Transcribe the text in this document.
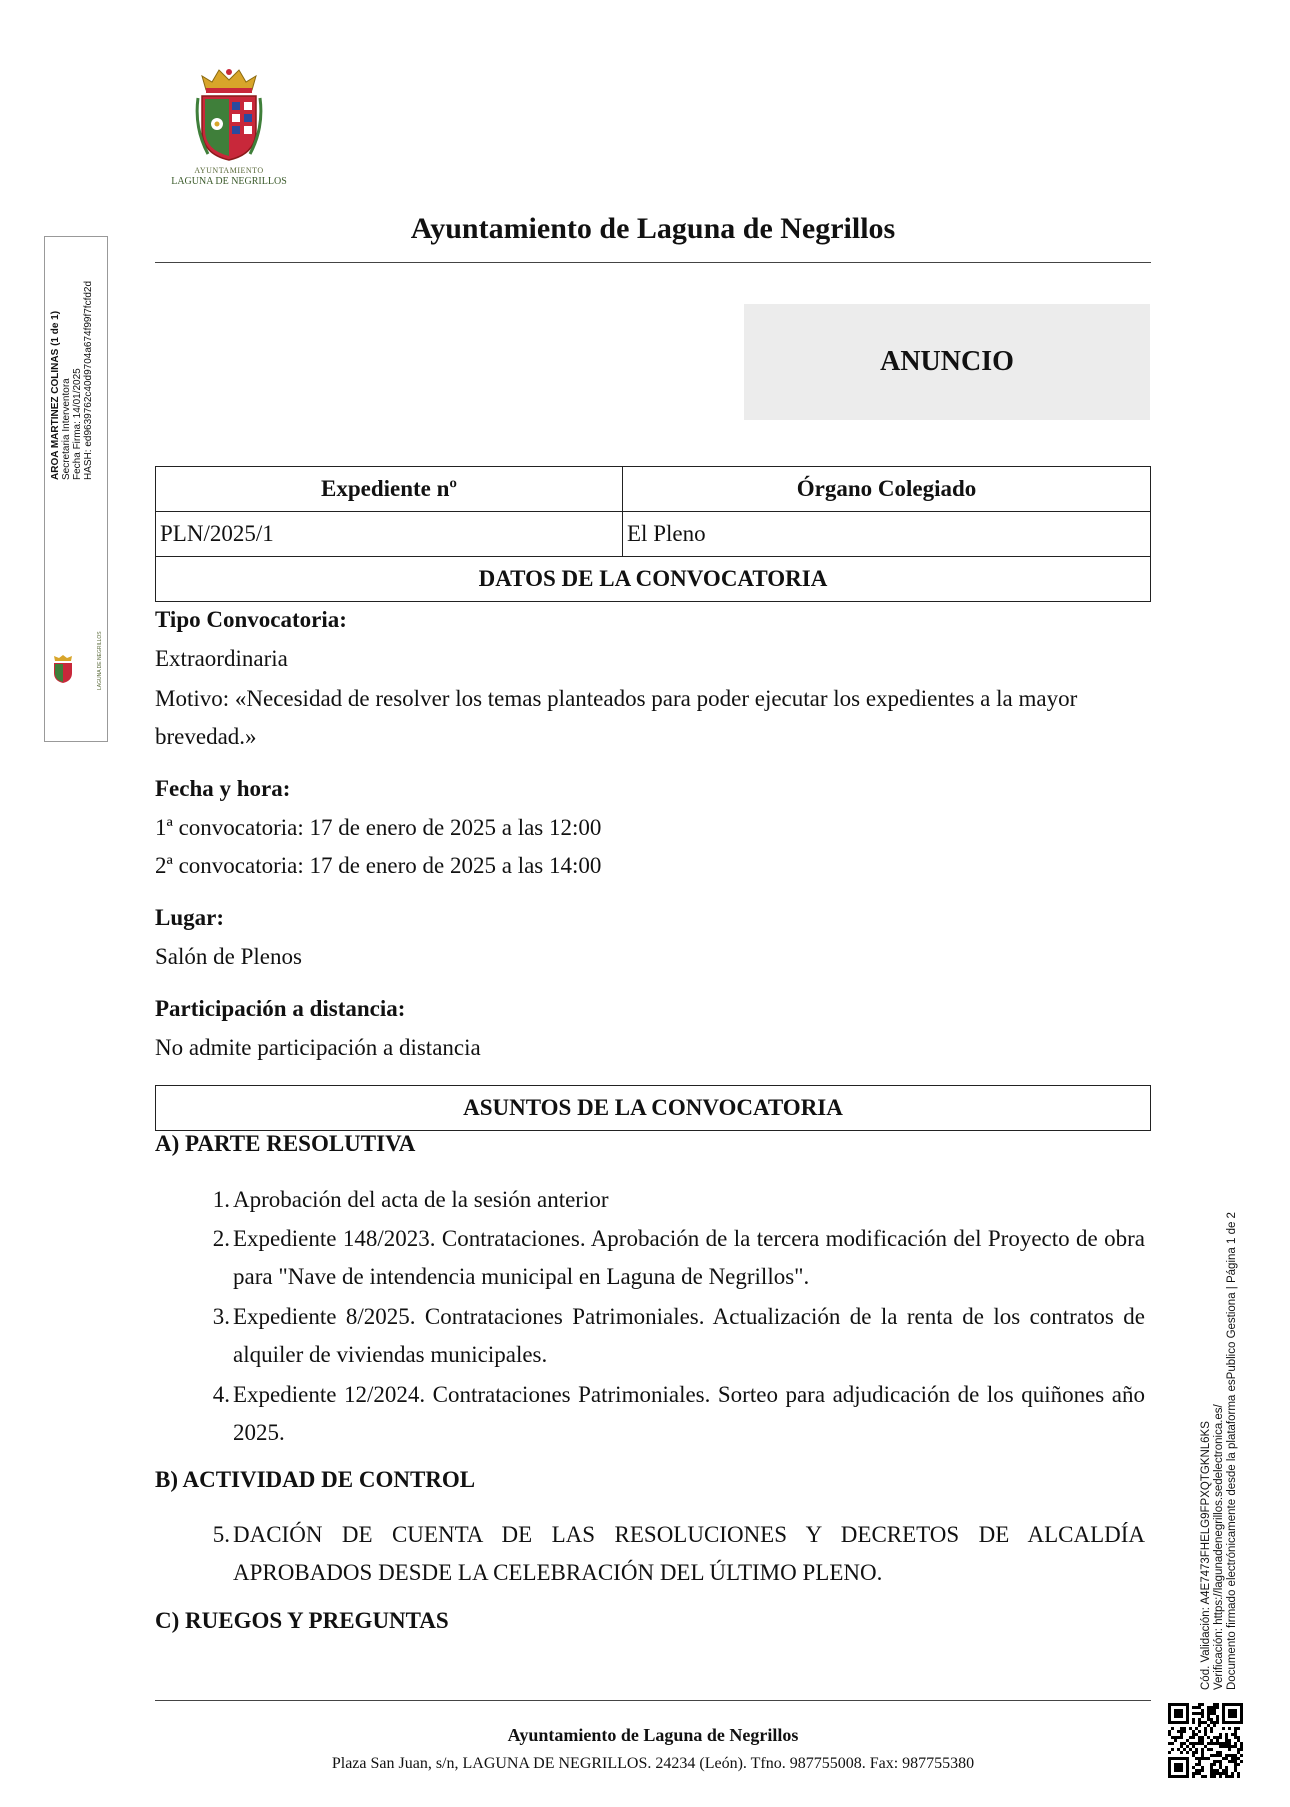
AYUNTAMIENTO
LAGUNA DE NEGRILLOS
Ayuntamiento de Laguna de Negrillos
ANUNCIO
Expediente nº	Órgano Colegiado
PLN/2025/1	El Pleno
DATOS DE LA CONVOCATORIA	
Tipo Convocatoria:
Extraordinaria
Motivo: «Necesidad de resolver los temas planteados para poder ejecutar los expedientes a la mayor
brevedad.»
Fecha y hora:
1ª convocatoria: 17 de enero de 2025 a las 12:00
2ª convocatoria: 17 de enero de 2025 a las 14:00
Lugar:
Salón de Plenos
Participación a distancia:
No admite participación a distancia
ASUNTOS DE LA CONVOCATORIA
A) PARTE RESOLUTIVA
1. Aprobación del acta de la sesión anterior
2. Expediente 148/2023. Contrataciones. Aprobación de la tercera modificación del Proyecto de obra para "Nave de intendencia municipal en Laguna de Negrillos".
3. Expediente 8/2025. Contrataciones Patrimoniales. Actualización de la renta de los contratos de alquiler de viviendas municipales.
4. Expediente 12/2024. Contrataciones Patrimoniales. Sorteo para adjudicación de los quiñones año 2025.
B) ACTIVIDAD DE CONTROL
5. DACIÓN DE CUENTA DE LAS RESOLUCIONES Y DECRETOS DE ALCALDÍA APROBADOS DESDE LA CELEBRACIÓN DEL ÚLTIMO PLENO.
C) RUEGOS Y PREGUNTAS
Ayuntamiento de Laguna de Negrillos
Plaza San Juan, s/n, LAGUNA DE NEGRILLOS. 24234 (León). Tfno. 987755008. Fax: 987755380
AROA MARTINEZ COLINAS (1 de 1) Secretaria Interventora Fecha Firma: 14/01/2025 HASH: ed9639762c40d9704a674f99f7fcfd2d
LAGUNA DE NEGRILLOS
Cód. Validación: A4E7473FHELG9FPXQTGKNL6KS Verificación: https://lagunadenegrillos.sedelectronica.es/ Documento firmado electrónicamente desde la plataforma esPublico Gestiona | Página 1 de 2
